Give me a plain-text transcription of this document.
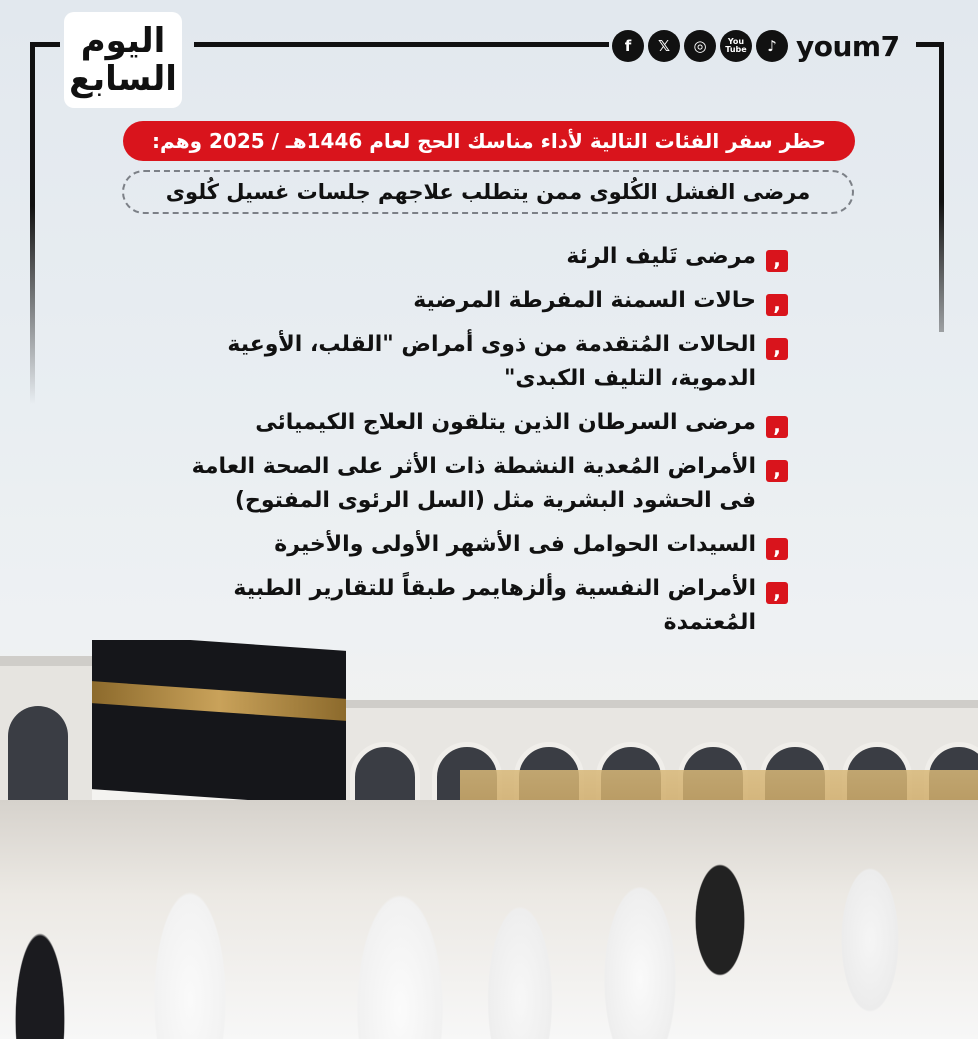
اليوم
السابع
f	𝕏	◎	You Tube	♪ youm7
حظر سفر الفئات التالية لأداء مناسك الحج لعام 1446هـ / 2025 وهم:
مرضى الفشل الكُلوى ممن يتطلب علاجهم جلسات غسيل كُلوى
,
مرضى تَليف الرئة
,
حالات السمنة المفرطة المرضية
,
الحالات المُتقدمة من ذوى أمراض "القلب، الأوعية الدموية، التليف الكبدى"
,
مرضى السرطان الذين يتلقون العلاج الكيميائى
,
الأمراض المُعدية النشطة ذات الأثر على الصحة العامة فى الحشود البشرية مثل (السل الرئوى المفتوح)
,
السيدات الحوامل فى الأشهر الأولى والأخيرة
,
الأمراض النفسية وألزهايمر طبقاً للتقارير الطبية المُعتمدة
